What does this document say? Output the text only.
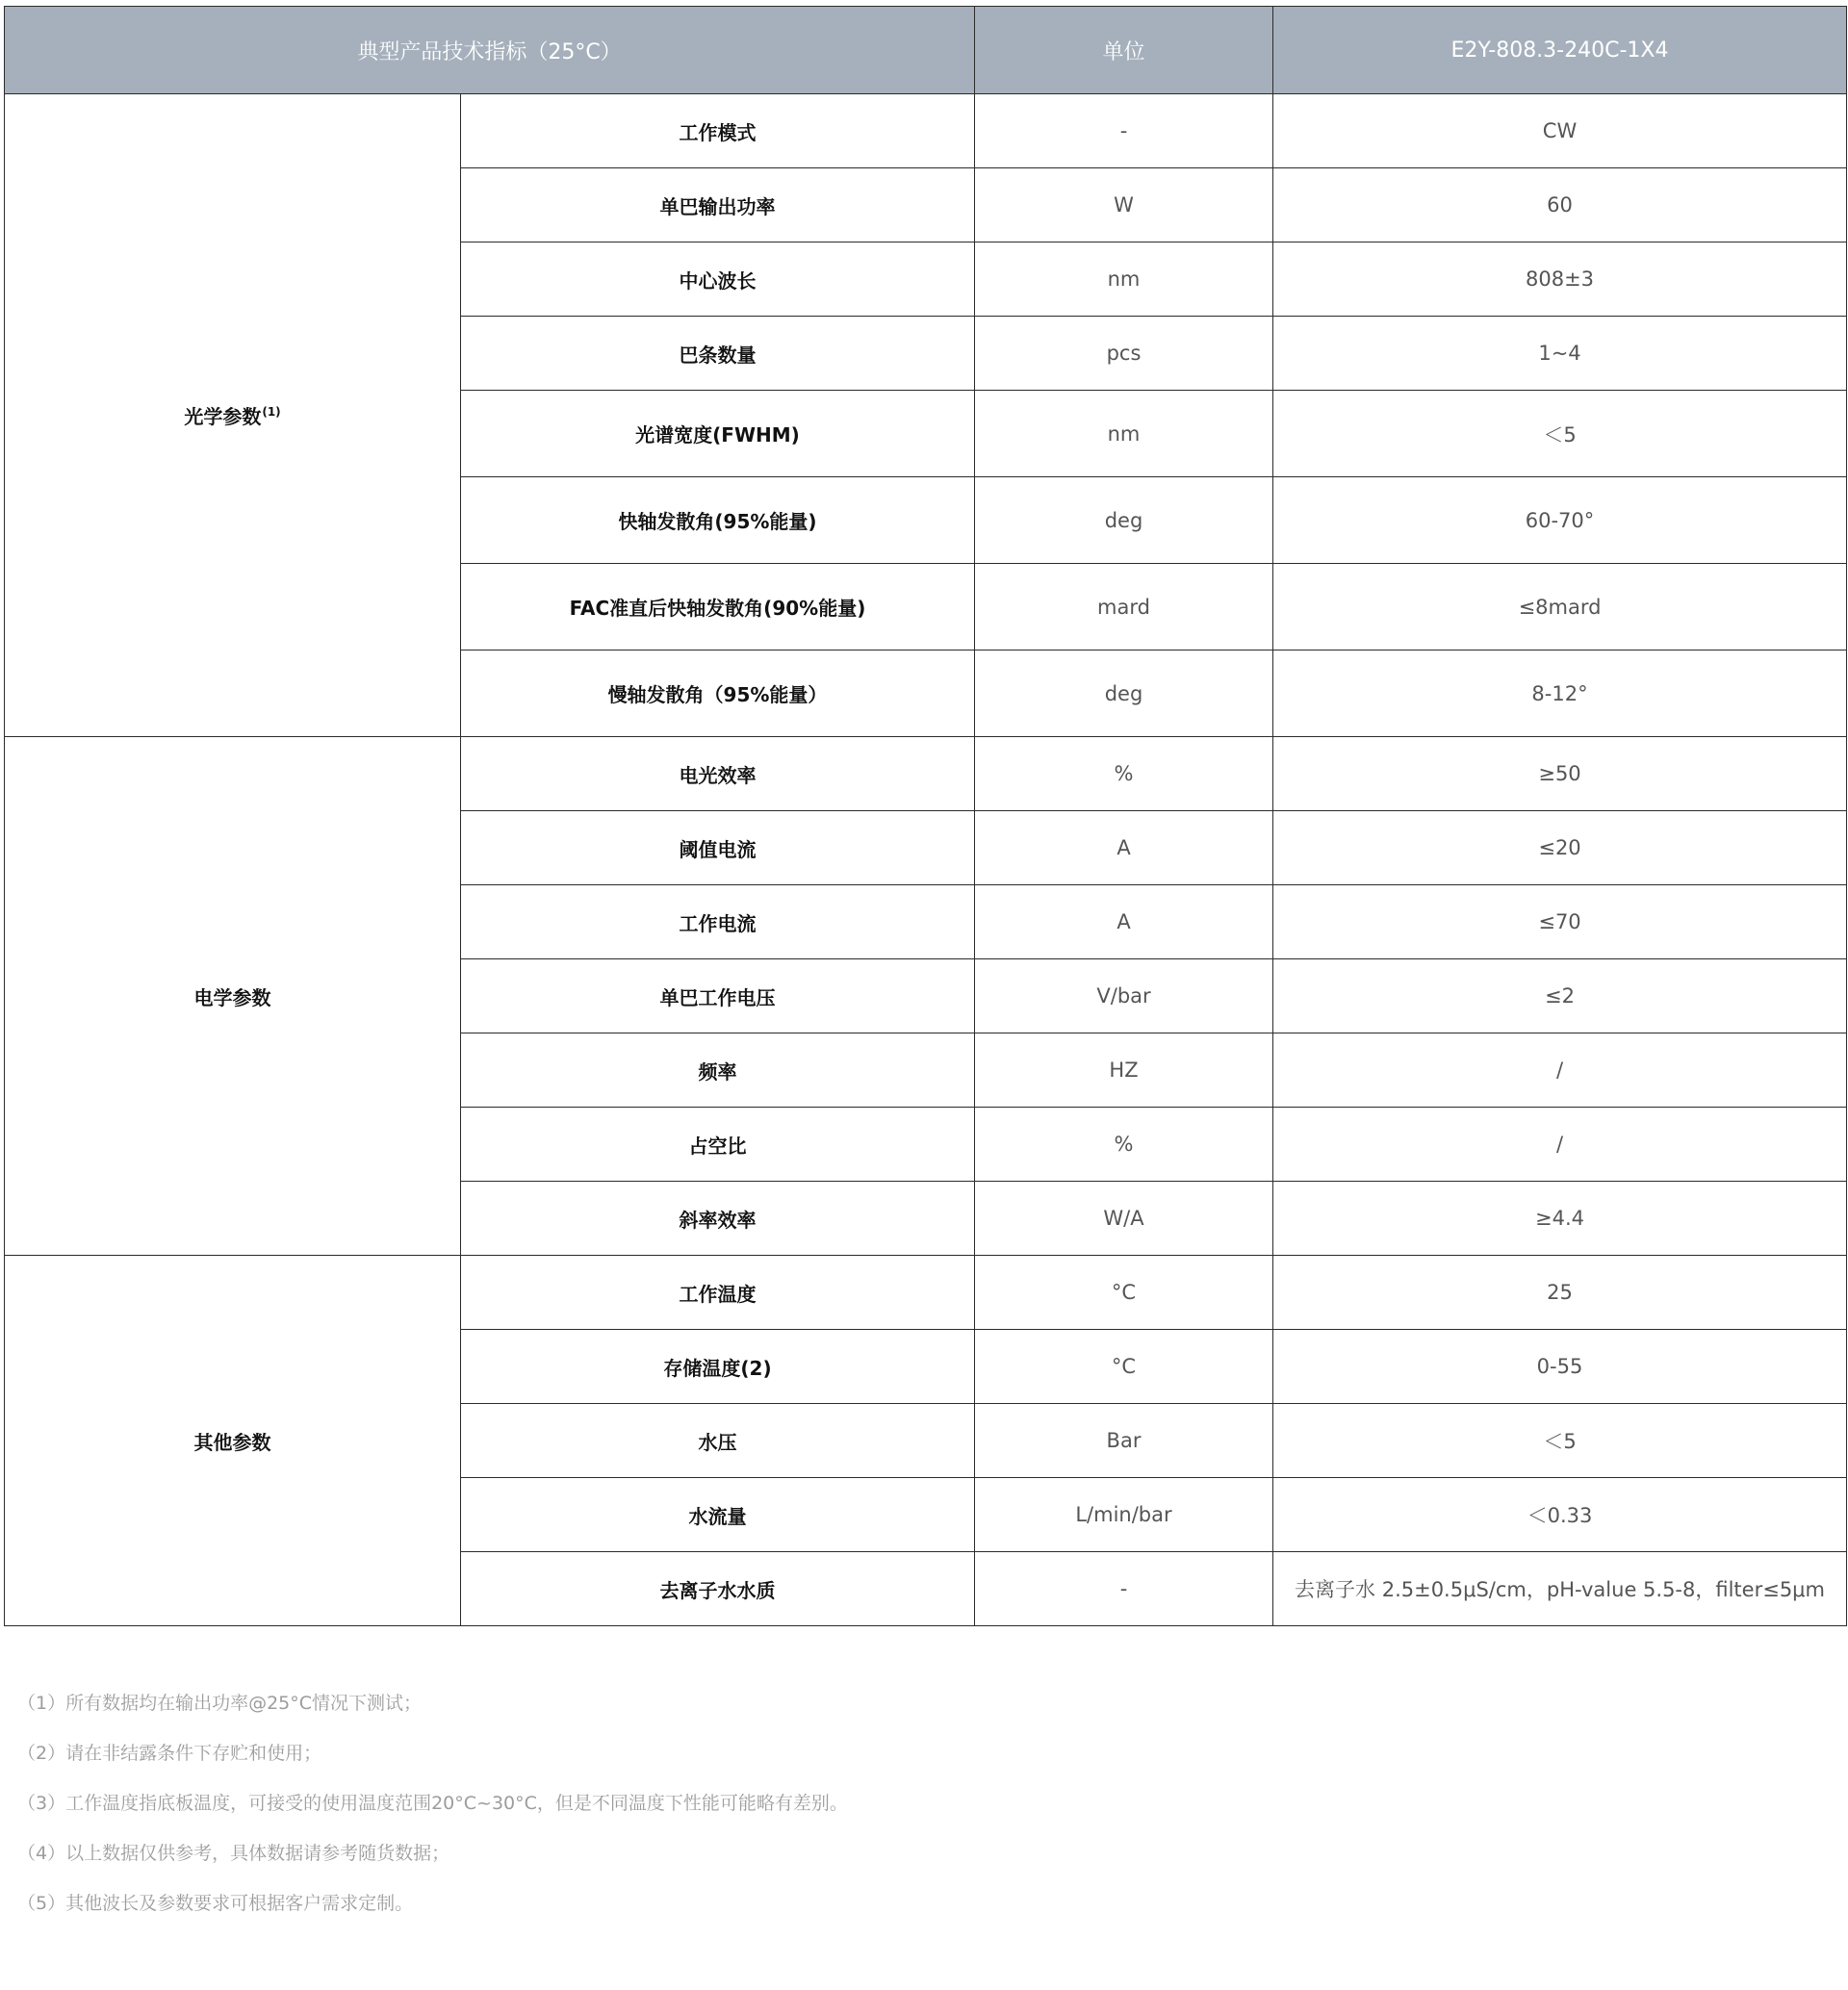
典型产品技术指标（25°C）		单位	E2Y-808.3-240C-1X4
光学参数$^{(1)}$	工作模式	-	CW
	单巴输出功率	W	60
	中心波长	nm	808±3
	巴条数量	pcs	1~4
	光谱宽度(FWHM)	nm	＜5
	快轴发散角(95%能量)	deg	60-70°
	FAC准直后快轴发散角(90%能量)	mard	≤8mard
	慢轴发散角（95%能量）	deg	8-12°
电学参数	电光效率	%	≥50
	阈值电流	A	≤20
	工作电流	A	≤70
	单巴工作电压	V/bar	≤2
	频率	HZ	/
	占空比	%	/
	斜率效率	W/A	≥4.4
其他参数	工作温度	°C	25
	存储温度(2)	°C	0-55
	水压	Bar	＜5
	水流量	L/min/bar	＜0.33
	去离子水水质	-	去离子水 2.5±0.5μS/cm，pH-value 5.5-8，filter≤5μm
（1）所有数据均在输出功率@25°C情况下测试；
（2）请在非结露条件下存贮和使用；
（3）工作温度指底板温度，可接受的使用温度范围20°C~30°C，但是不同温度下性能可能略有差别。
（4）以上数据仅供参考，具体数据请参考随货数据；
（5）其他波长及参数要求可根据客户需求定制。
